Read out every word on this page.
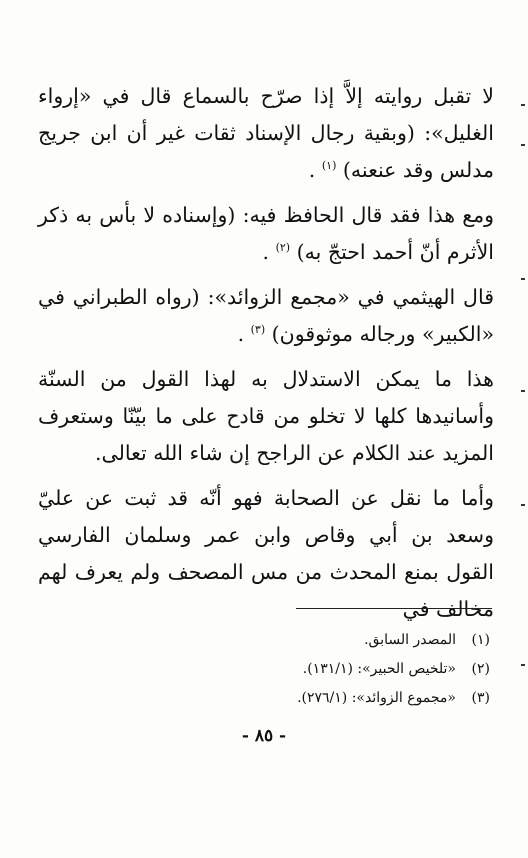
لا تقبل روايته إلاَّ إذا صرّح بالسماع قال في «إرواء الغليل»: (وبقية رجال الإسناد ثقات غير أن ابن جريج مدلس وقد عنعنه) $^{(١)}$ .

ومع هذا فقد قال الحافظ فيه: (وإسناده لا بأس به ذكر الأثرم أنّ أحمد احتجّ به) $^{(٢)}$ .

قال الهيثمي في «مجمع الزوائد»: (رواه الطبراني في «الكبير» ورجاله موثوقون) $^{(٣)}$ .

هذا ما يمكن الاستدلال به لهذا القول من السنّة وأسانيدها كلها لا تخلو من قادح على ما بيّنّا وستعرف المزيد عند الكلام عن الراجح إن شاء الله تعالى.

وأما ما نقل عن الصحابة فهو أنّه قد ثبت عن عليّ وسعد بن أبي وقاص وابن عمر وسلمان الفارسي القول بمنع المحدث من مس المصحف ولم يعرف لهم مخالف في

(١)
المصدر السابق.
(٢)
«تلخيص الحبير»: (١٣١/١).
(٣)
«مجموع الزوائد»: (٢٧٦/١).
- ٨٥ -
